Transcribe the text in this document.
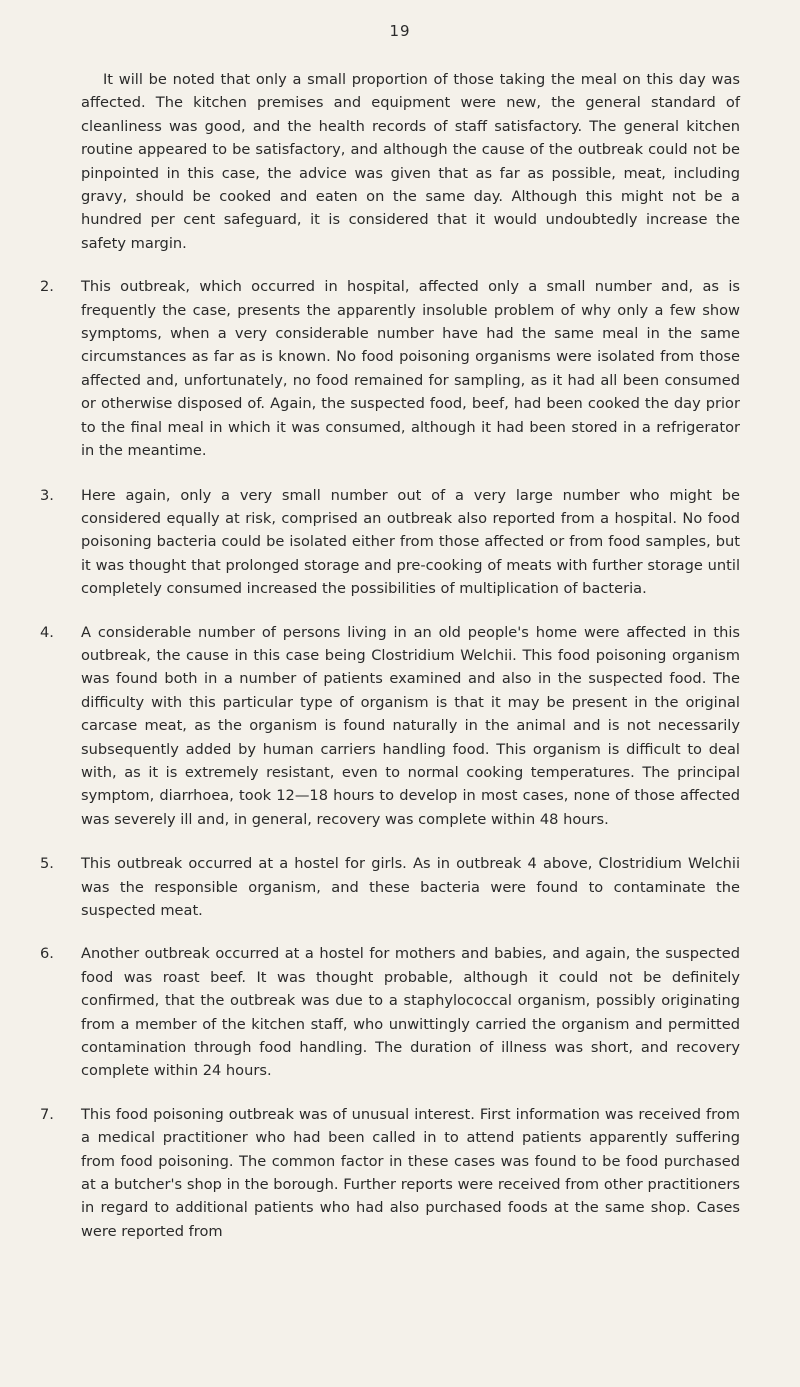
19

It will be noted that only a small proportion of those taking the meal on this day was affected. The kitchen premises and equipment were new, the general standard of cleanliness was good, and the health records of staff satisfactory. The general kitchen routine appeared to be satisfactory, and although the cause of the outbreak could not be pinpointed in this case, the advice was given that as far as possible, meat, including gravy, should be cooked and eaten on the same day. Although this might not be a hundred per cent safeguard, it is considered that it would undoubtedly increase the safety margin.

2. This outbreak, which occurred in hospital, affected only a small number and, as is frequently the case, presents the apparently insoluble problem of why only a few show symptoms, when a very considerable number have had the same meal in the same circumstances as far as is known. No food poisoning organisms were isolated from those affected and, unfortunately, no food remained for sampling, as it had all been consumed or otherwise disposed of. Again, the suspected food, beef, had been cooked the day prior to the final meal in which it was consumed, although it had been stored in a refrigerator in the meantime.
3. Here again, only a very small number out of a very large number who might be considered equally at risk, comprised an outbreak also reported from a hospital. No food poisoning bacteria could be isolated either from those affected or from food samples, but it was thought that prolonged storage and pre-cooking of meats with further storage until completely consumed increased the possibilities of multiplication of bacteria.
4. A considerable number of persons living in an old people's home were affected in this outbreak, the cause in this case being Clostridium Welchii. This food poisoning organism was found both in a number of patients examined and also in the suspected food. The difficulty with this particular type of organism is that it may be present in the original carcase meat, as the organism is found naturally in the animal and is not necessarily subsequently added by human carriers handling food. This organism is difficult to deal with, as it is extremely resistant, even to normal cooking temperatures. The principal symptom, diarrhoea, took 12—18 hours to develop in most cases, none of those affected was severely ill and, in general, recovery was complete within 48 hours.
5. This outbreak occurred at a hostel for girls. As in outbreak 4 above, Clostridium Welchii was the responsible organism, and these bacteria were found to contaminate the suspected meat.
6. Another outbreak occurred at a hostel for mothers and babies, and again, the suspected food was roast beef. It was thought probable, although it could not be definitely confirmed, that the outbreak was due to a staphylococcal organism, possibly originating from a member of the kitchen staff, who unwittingly carried the organism and permitted contamination through food handling. The duration of illness was short, and recovery complete within 24 hours.
7. This food poisoning outbreak was of unusual interest. First information was received from a medical practitioner who had been called in to attend patients apparently suffering from food poisoning. The common factor in these cases was found to be food purchased at a butcher's shop in the borough. Further reports were received from other practitioners in regard to additional patients who had also purchased foods at the same shop. Cases were reported from
